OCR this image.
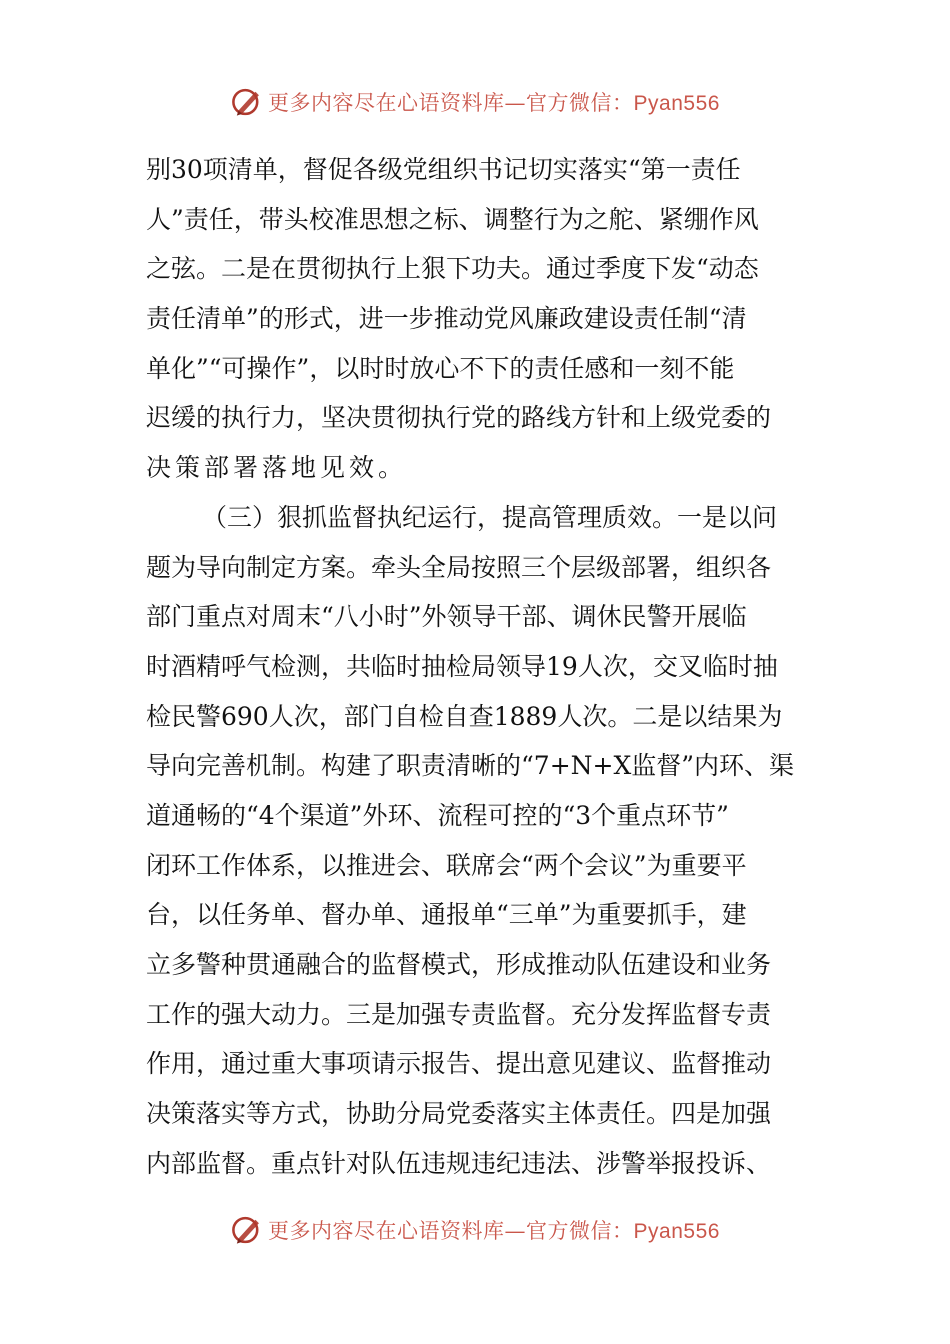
更多内容尽在心语资料库—官方微信：Pyan556
别30项清单，督促各级党组织书记切实落实“第一责任
人”责任，带头校准思想之标、调整行为之舵、紧绷作风
之弦。二是在贯彻执行上狠下功夫。通过季度下发“动态
责任清单”的形式，进一步推动党风廉政建设责任制“清
单化”“可操作”，以时时放心不下的责任感和一刻不能
迟缓的执行力，坚决贯彻执行党的路线方针和上级党委的
决策部署落地见效。
（三）狠抓监督执纪运行，提高管理质效。一是以问
题为导向制定方案。牵头全局按照三个层级部署，组织各
部门重点对周末“八小时”外领导干部、调休民警开展临
时酒精呼气检测，共临时抽检局领导19人次，交叉临时抽
检民警690人次，部门自检自查1889人次。二是以结果为
导向完善机制。构建了职责清晰的“7+N+X监督”内环、渠
道通畅的“4个渠道”外环、流程可控的“3个重点环节”
闭环工作体系，以推进会、联席会“两个会议”为重要平
台，以任务单、督办单、通报单“三单”为重要抓手，建
立多警种贯通融合的监督模式，形成推动队伍建设和业务
工作的强大动力。三是加强专责监督。充分发挥监督专责
作用，通过重大事项请示报告、提出意见建议、监督推动
决策落实等方式，协助分局党委落实主体责任。四是加强
内部监督。重点针对队伍违规违纪违法、涉警举报投诉、
更多内容尽在心语资料库—官方微信：Pyan556
